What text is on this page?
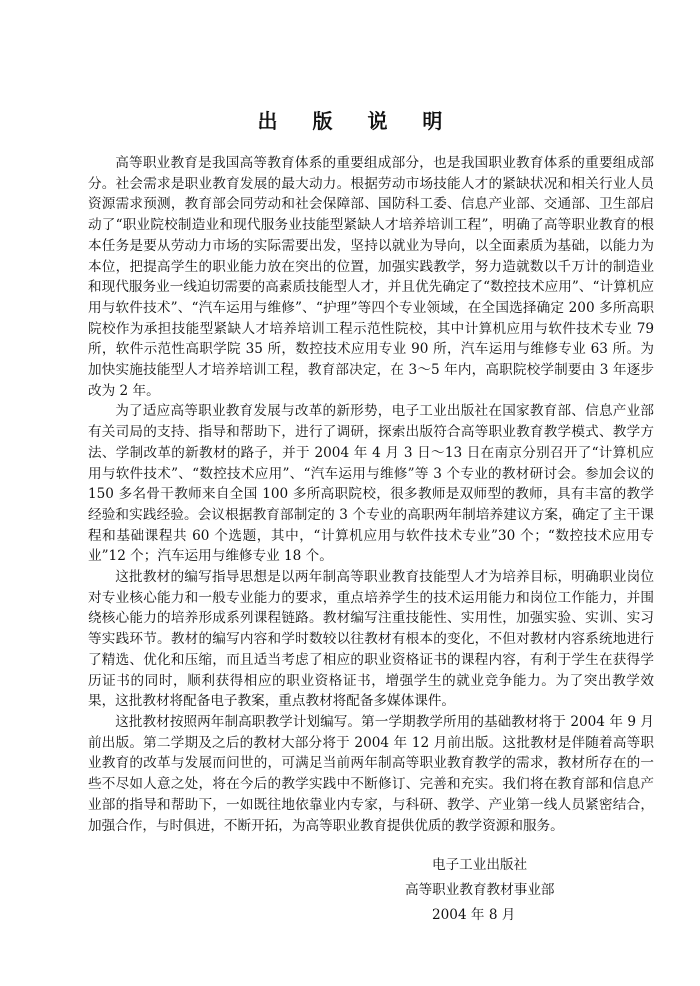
出 版 说 明

高等职业教育是我国高等教育体系的重要组成部分，也是我国职业教育体系的重要组成部分。社会需求是职业教育发展的最大动力。根据劳动市场技能人才的紧缺状况和相关行业人员资源需求预测，教育部会同劳动和社会保障部、国防科工委、信息产业部、交通部、卫生部启动了“职业院校制造业和现代服务业技能型紧缺人才培养培训工程”，明确了高等职业教育的根本任务是要从劳动力市场的实际需要出发，坚持以就业为导向，以全面素质为基础，以能力为本位，把提高学生的职业能力放在突出的位置，加强实践教学，努力造就数以千万计的制造业和现代服务业一线迫切需要的高素质技能型人才，并且优先确定了“数控技术应用”、“计算机应用与软件技术”、“汽车运用与维修”、“护理”等四个专业领域，在全国选择确定 200 多所高职院校作为承担技能型紧缺人才培养培训工程示范性院校，其中计算机应用与软件技术专业 79 所，软件示范性高职学院 35 所，数控技术应用专业 90 所，汽车运用与维修专业 63 所。为加快实施技能型人才培养培训工程，教育部决定，在 3～5 年内，高职院校学制要由 3 年逐步改为 2 年。

为了适应高等职业教育发展与改革的新形势，电子工业出版社在国家教育部、信息产业部有关司局的支持、指导和帮助下，进行了调研，探索出版符合高等职业教育教学模式、教学方法、学制改革的新教材的路子，并于 2004 年 4 月 3 日～13 日在南京分别召开了“计算机应用与软件技术”、“数控技术应用”、“汽车运用与维修”等 3 个专业的教材研讨会。参加会议的 150 多名骨干教师来自全国 100 多所高职院校，很多教师是双师型的教师，具有丰富的教学经验和实践经验。会议根据教育部制定的 3 个专业的高职两年制培养建议方案，确定了主干课程和基础课程共 60 个选题，其中，“计算机应用与软件技术专业”30 个；“数控技术应用专业”12 个；汽车运用与维修专业 18 个。

这批教材的编写指导思想是以两年制高等职业教育技能型人才为培养目标，明确职业岗位对专业核心能力和一般专业能力的要求，重点培养学生的技术运用能力和岗位工作能力，并围绕核心能力的培养形成系列课程链路。教材编写注重技能性、实用性，加强实验、实训、实习等实践环节。教材的编写内容和学时数较以往教材有根本的变化，不但对教材内容系统地进行了精选、优化和压缩，而且适当考虑了相应的职业资格证书的课程内容，有利于学生在获得学历证书的同时，顺利获得相应的职业资格证书，增强学生的就业竞争能力。为了突出教学效果，这批教材将配备电子教案，重点教材将配备多媒体课件。

这批教材按照两年制高职教学计划编写。第一学期教学所用的基础教材将于 2004 年 9 月前出版。第二学期及之后的教材大部分将于 2004 年 12 月前出版。这批教材是伴随着高等职业教育的改革与发展而问世的，可满足当前两年制高等职业教育教学的需求，教材所存在的一些不尽如人意之处，将在今后的教学实践中不断修订、完善和充实。我们将在教育部和信息产业部的指导和帮助下，一如既往地依靠业内专家，与科研、教学、产业第一线人员紧密结合，加强合作，与时俱进，不断开拓，为高等职业教育提供优质的教学资源和服务。

电子工业出版社
高等职业教育教材事业部
2004 年 8 月
